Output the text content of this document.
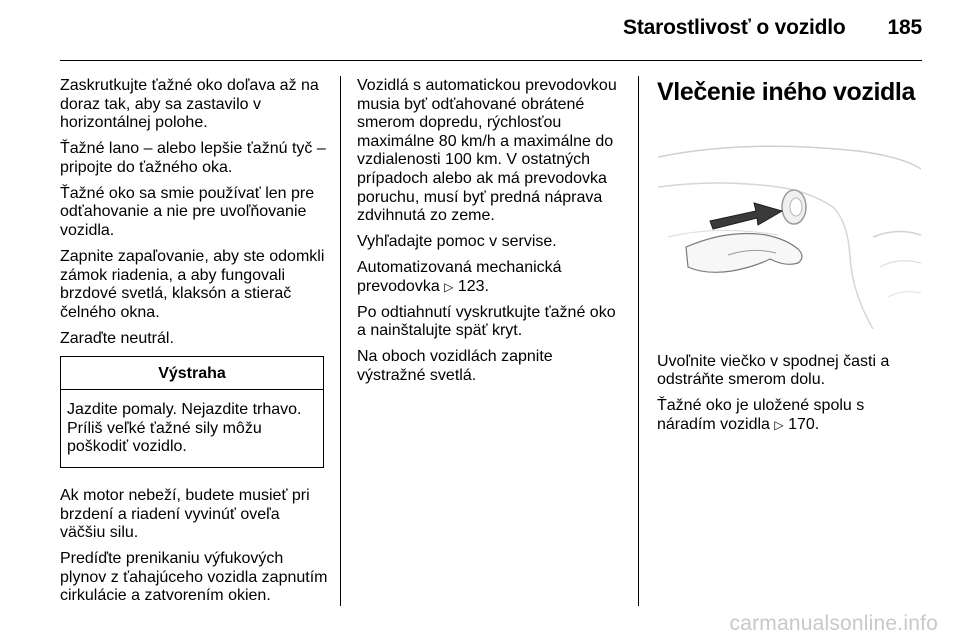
Starostlivosť o vozidlo 185

Zaskrutkujte ťažné oko doľava až na doraz tak, aby sa zastavilo v horizontálnej polohe.

Ťažné lano – alebo lepšie ťažnú tyč – pripojte do ťažného oka.

Ťažné oko sa smie používať len pre odťahovanie a nie pre uvoľňovanie vozidla.

Zapnite zapaľovanie, aby ste odomkli zámok riadenia, a aby fungovali brzdové svetlá, klaksón a stierač čelného okna.

Zaraďte neutrál.

Výstraha
Jazdite pomaly. Nejazdite trhavo. Príliš veľké ťažné sily môžu poškodiť vozidlo.

Ak motor nebeží, budete musieť pri brzdení a riadení vyvinúť oveľa väčšiu silu.

Predíďte prenikaniu výfukových plynov z ťahajúceho vozidla zapnutím cirkulácie a zatvorením okien.

Vozidlá s automatickou prevodovkou musia byť odťahované obrátené smerom dopredu, rýchlosťou maximálne 80 km/h a maximálne do vzdialenosti 100 km. V ostatných prípadoch alebo ak má prevodovka poruchu, musí byť predná náprava zdvihnutá zo zeme.

Vyhľadajte pomoc v servise.

Automatizovaná mechanická prevodovka ▷ 123.

Po odtiahnutí vyskrutkujte ťažné oko a nainštalujte späť kryt.

Na oboch vozidlách zapnite výstražné svetlá.

Vlečenie iného vozidla

Uvoľnite viečko v spodnej časti a odstráňte smerom dolu.

Ťažné oko je uložené spolu s náradím vozidla ▷ 170.

carmanualsonline.info
